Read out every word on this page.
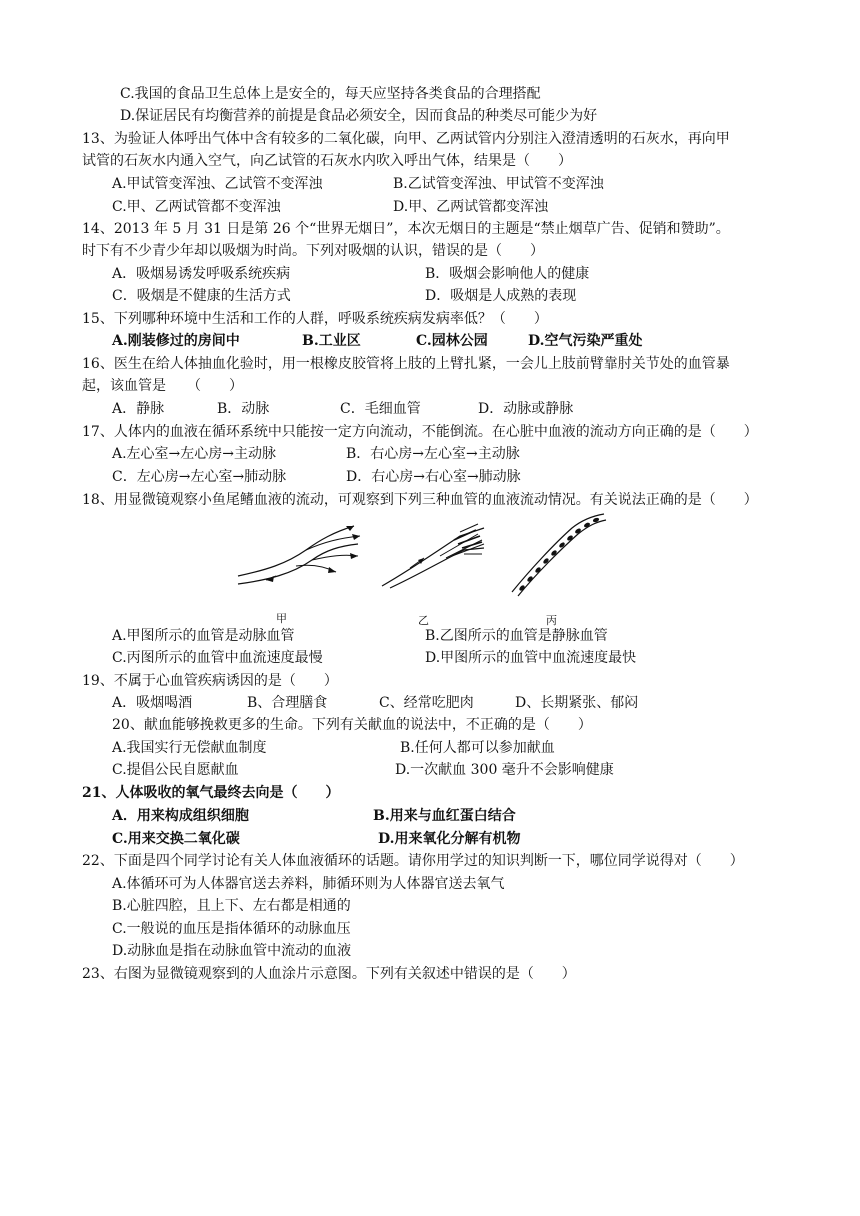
C.我国的食品卫生总体上是安全的，每天应坚持各类食品的合理搭配
D.保证居民有均衡营养的前提是食品必须安全，因而食品的种类尽可能少为好
13、为验证人体呼出气体中含有较多的二氧化碳，向甲、乙两试管内分别注入澄清透明的石灰水，再向甲
试管的石灰水内通入空气，向乙试管的石灰水内吹入呼出气体，结果是（　　）
A.甲试管变浑浊、乙试管不变浑浊	B.乙试管变浑浊、甲试管不变浑浊
C.甲、乙两试管都不变浑浊	D.甲、乙两试管都变浑浊
14、2013 年 5 月 31 日是第 26 个“世界无烟日”，本次无烟日的主题是“禁止烟草广告、促销和赞助”。
时下有不少青少年却以吸烟为时尚。下列对吸烟的认识，错误的是（　　）
A．吸烟易诱发呼吸系统疾病	B．吸烟会影响他人的健康
C．吸烟是不健康的生活方式	D．吸烟是人成熟的表现
15、下列哪种环境中生活和工作的人群，呼吸系统疾病发病率低？（　　）
A.刚装修过的房间中	B.工业区	C.园林公园	D.空气污染严重处
16、医生在给人体抽血化验时，用一根橡皮胶管将上肢的上臂扎紧，一会儿上肢前臂靠肘关节处的血管暴
起，该血管是　　（　　）
A．静脉	B．动脉	C．毛细血管	D．动脉或静脉
17、人体内的血液在循环系统中只能按一定方向流动，不能倒流。在心脏中血液的流动方向正确的是（　　）
A.左心室→左心房→主动脉	B．右心房→左心室→主动脉
C．左心房→左心室→肺动脉	D．右心房→右心室→肺动脉
18、用显微镜观察小鱼尾鳍血液的流动，可观察到下列三种血管的血液流动情况。有关说法正确的是（　　）
甲	乙	丙
A.甲图所示的血管是动脉血管	B.乙图所示的血管是静脉血管
C.丙图所示的血管中血流速度最慢	D.甲图所示的血管中血流速度最快
19、不属于心血管疾病诱因的是（　　）
A．吸烟喝酒	B、合理膳食	C、经常吃肥肉	D、长期紧张、郁闷
20、献血能够挽救更多的生命。下列有关献血的说法中，不正确的是（　　）
A.我国实行无偿献血制度	B.任何人都可以参加献血
C.提倡公民自愿献血	D.一次献血 300 毫升不会影响健康
21、人体吸收的氧气最终去向是（　　）
A．用来构成组织细胞	B.用来与血红蛋白结合
C.用来交换二氧化碳	D.用来氧化分解有机物
22、下面是四个同学讨论有关人体血液循环的话题。请你用学过的知识判断一下，哪位同学说得对（　　）
A.体循环可为人体器官送去养料，肺循环则为人体器官送去氧气
B.心脏四腔，且上下、左右都是相通的
C.一般说的血压是指体循环的动脉血压
D.动脉血是指在动脉血管中流动的血液
23、右图为显微镜观察到的人血涂片示意图。下列有关叙述中错误的是（　　）
